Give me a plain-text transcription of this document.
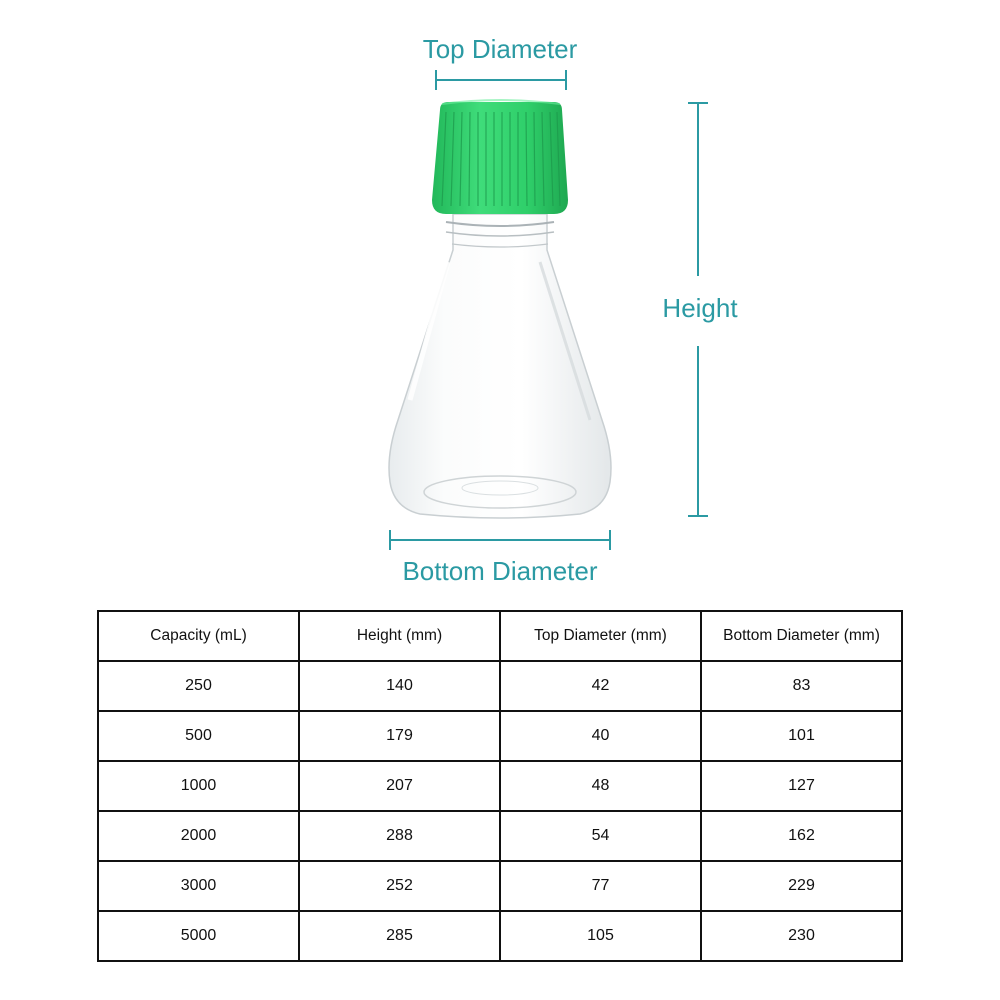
Top Diameter
Height
Bottom Diameter
Capacity (mL)	Height (mm)	Top Diameter (mm)	Bottom Diameter (mm)
250	140	42	83
500	179	40	101
1000	207	48	127
2000	288	54	162
3000	252	77	229
5000	285	105	230
